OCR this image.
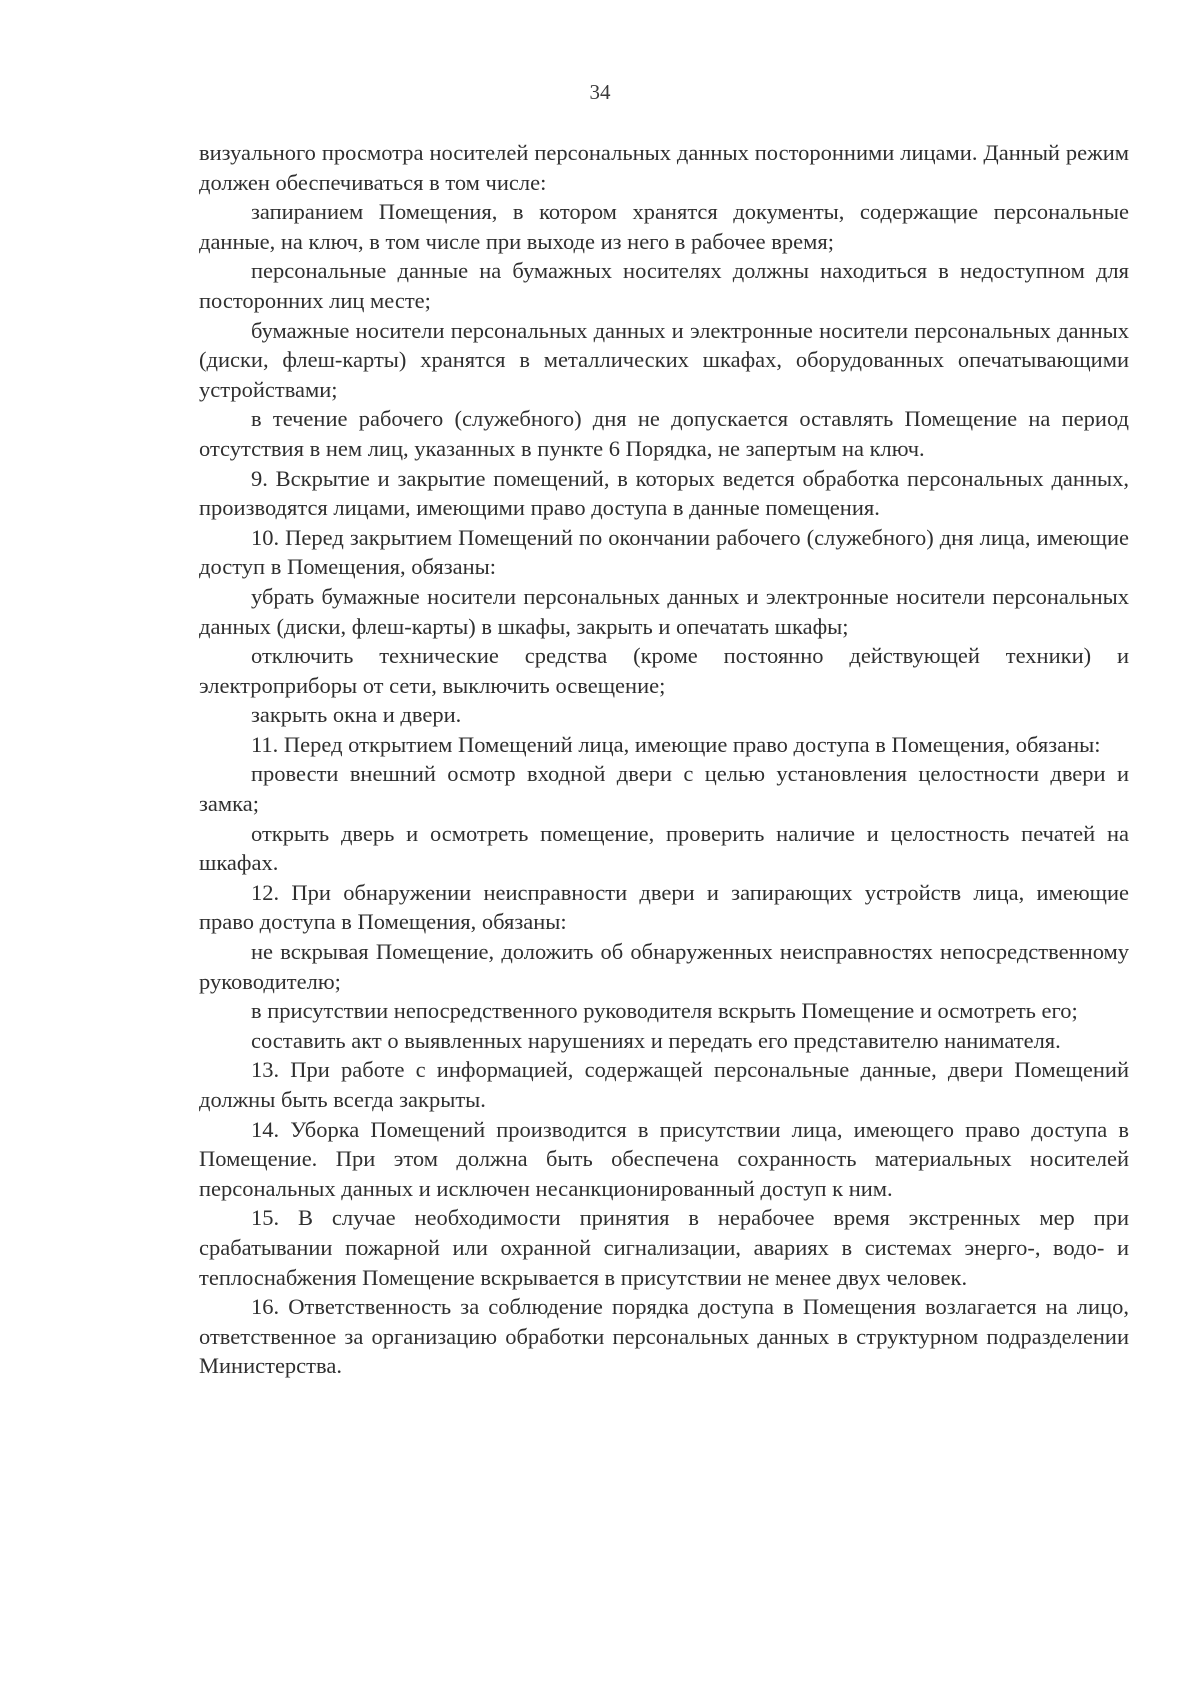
34

визуального просмотра носителей персональных данных посторонними лицами. Данный режим должен обеспечиваться в том числе:

запиранием Помещения, в котором хранятся документы, содержащие персональные данные, на ключ, в том числе при выходе из него в рабочее время;

персональные данные на бумажных носителях должны находиться в недоступном для посторонних лиц месте;

бумажные носители персональных данных и электронные носители персональных данных (диски, флеш-карты) хранятся в металлических шкафах, оборудованных опечатывающими устройствами;

в течение рабочего (служебного) дня не допускается оставлять Помещение на период отсутствия в нем лиц, указанных в пункте 6 Порядка, не запертым на ключ.

9. Вскрытие и закрытие помещений, в которых ведется обработка персональных данных, производятся лицами, имеющими право доступа в данные помещения.

10. Перед закрытием Помещений по окончании рабочего (служебного) дня лица, имеющие доступ в Помещения, обязаны:

убрать бумажные носители персональных данных и электронные носители персональных данных (диски, флеш-карты) в шкафы, закрыть и опечатать шкафы;

отключить технические средства (кроме постоянно действующей техники) и электроприборы от сети, выключить освещение;

закрыть окна и двери.

11. Перед открытием Помещений лица, имеющие право доступа в Помещения, обязаны:

провести внешний осмотр входной двери с целью установления целостности двери и замка;

открыть дверь и осмотреть помещение, проверить наличие и целостность печатей на шкафах.

12. При обнаружении неисправности двери и запирающих устройств лица, имеющие право доступа в Помещения, обязаны:

не вскрывая Помещение, доложить об обнаруженных неисправностях непосредственному руководителю;

в присутствии непосредственного руководителя вскрыть Помещение и осмотреть его;

составить акт о выявленных нарушениях и передать его представителю нанимателя.

13. При работе с информацией, содержащей персональные данные, двери Помещений должны быть всегда закрыты.

14. Уборка Помещений производится в присутствии лица, имеющего право доступа в Помещение. При этом должна быть обеспечена сохранность материальных носителей персональных данных и исключен несанкционированный доступ к ним.

15. В случае необходимости принятия в нерабочее время экстренных мер при срабатывании пожарной или охранной сигнализации, авариях в системах энерго-, водо- и теплоснабжения Помещение вскрывается в присутствии не менее двух человек.

16. Ответственность за соблюдение порядка доступа в Помещения возлагается на лицо, ответственное за организацию обработки персональных данных в структурном подразделении Министерства.
